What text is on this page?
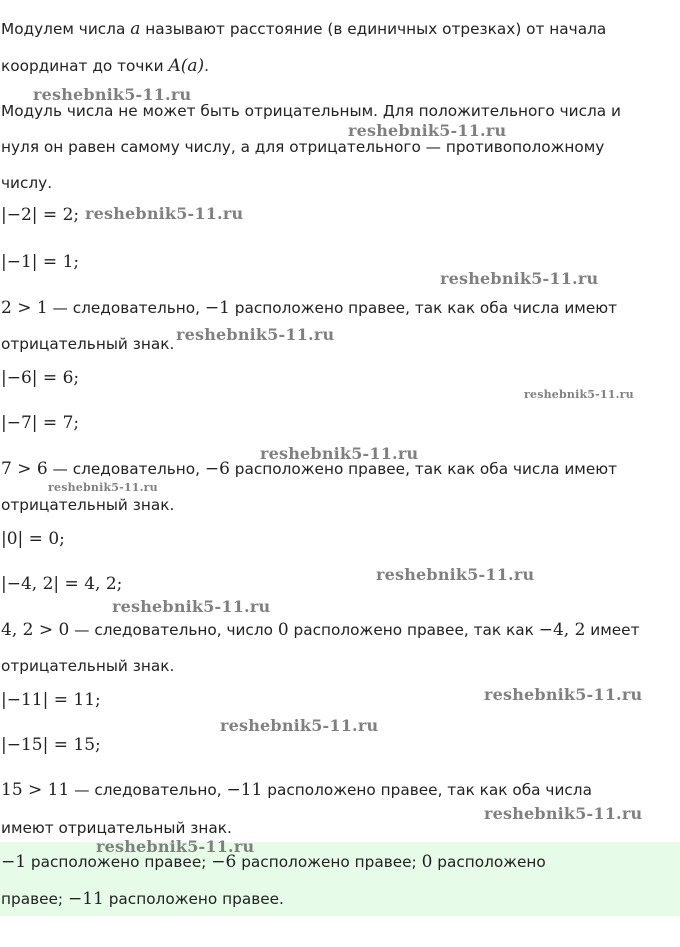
Модулем числа a называют расстояние (в единичных отрезках) от начала
координат до точки A(a).
Модуль числа не может быть отрицательным. Для положительного числа и
нуля он равен самому числу, а для отрицательного — противоположному
числу.
|−2| = 2;
|−1| = 1;
2 > 1 — следовательно, −1 расположено правее, так как оба числа имеют
отрицательный знак.
|−6| = 6;
|−7| = 7;
7 > 6 — следовательно, −6 расположено правее, так как оба числа имеют
отрицательный знак.
|0| = 0;
|−4, 2| = 4, 2;
4, 2 > 0 — следовательно, число 0 расположено правее, так как −4, 2 имеет
отрицательный знак.
|−11| = 11;
|−15| = 15;
15 > 11 — следовательно, −11 расположено правее, так как оба числа
имеют отрицательный знак.
−1 расположено правее; −6 расположено правее; 0 расположено
правее; −11 расположено правее.
reshebnik5-11.ru
reshebnik5-11.ru
reshebnik5-11.ru
reshebnik5-11.ru
reshebnik5-11.ru
reshebnik5-11.ru
reshebnik5-11.ru
reshebnik5-11.ru
reshebnik5-11.ru
reshebnik5-11.ru
reshebnik5-11.ru
reshebnik5-11.ru
reshebnik5-11.ru
reshebnik5-11.ru
